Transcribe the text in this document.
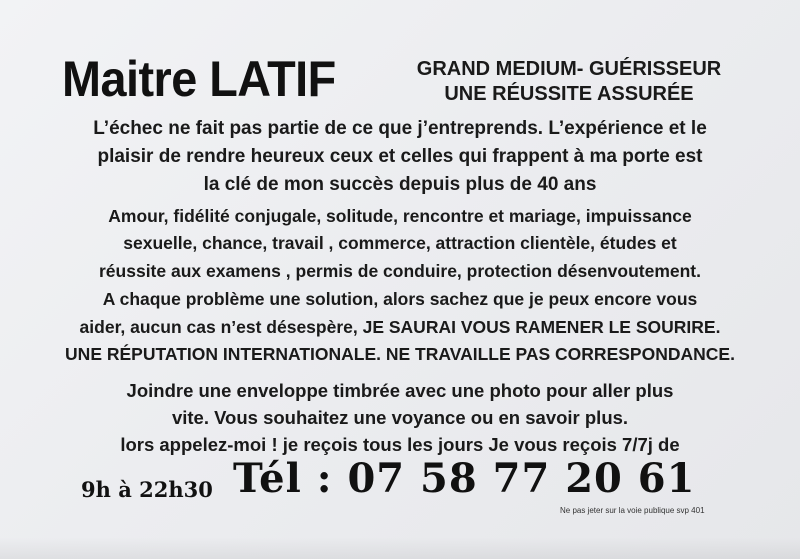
Maitre LATIF	GRAND MEDIUM- GUÉRISSEUR
UNE RÉUSSITE ASSURÉE
L’échec ne fait pas partie de ce que j’entreprends. L’expérience et le
plaisir de rendre heureux ceux et celles qui frappent à ma porte est
la clé de mon succès depuis plus de 40 ans
Amour, fidélité conjugale, solitude, rencontre et mariage, impuissance
sexuelle, chance, travail , commerce, attraction clientèle, études et
réussite aux examens , permis de conduire, protection désenvoutement.
A chaque problème une solution, alors sachez que je peux encore vous
aider, aucun cas n’est désespère, JE SAURAI VOUS RAMENER LE SOURIRE.
UNE RÉPUTATION INTERNATIONALE. NE TRAVAILLE PAS CORRESPONDANCE.
Joindre une enveloppe timbrée avec une photo pour aller plus
vite. Vous souhaitez une voyance ou en savoir plus.
lors appelez-moi ! je reçois tous les jours Je vous reçois 7/7j de
9h à 22h30 Tél : 07 58 77 20 61
Ne pas jeter sur la voie publique svp 401
